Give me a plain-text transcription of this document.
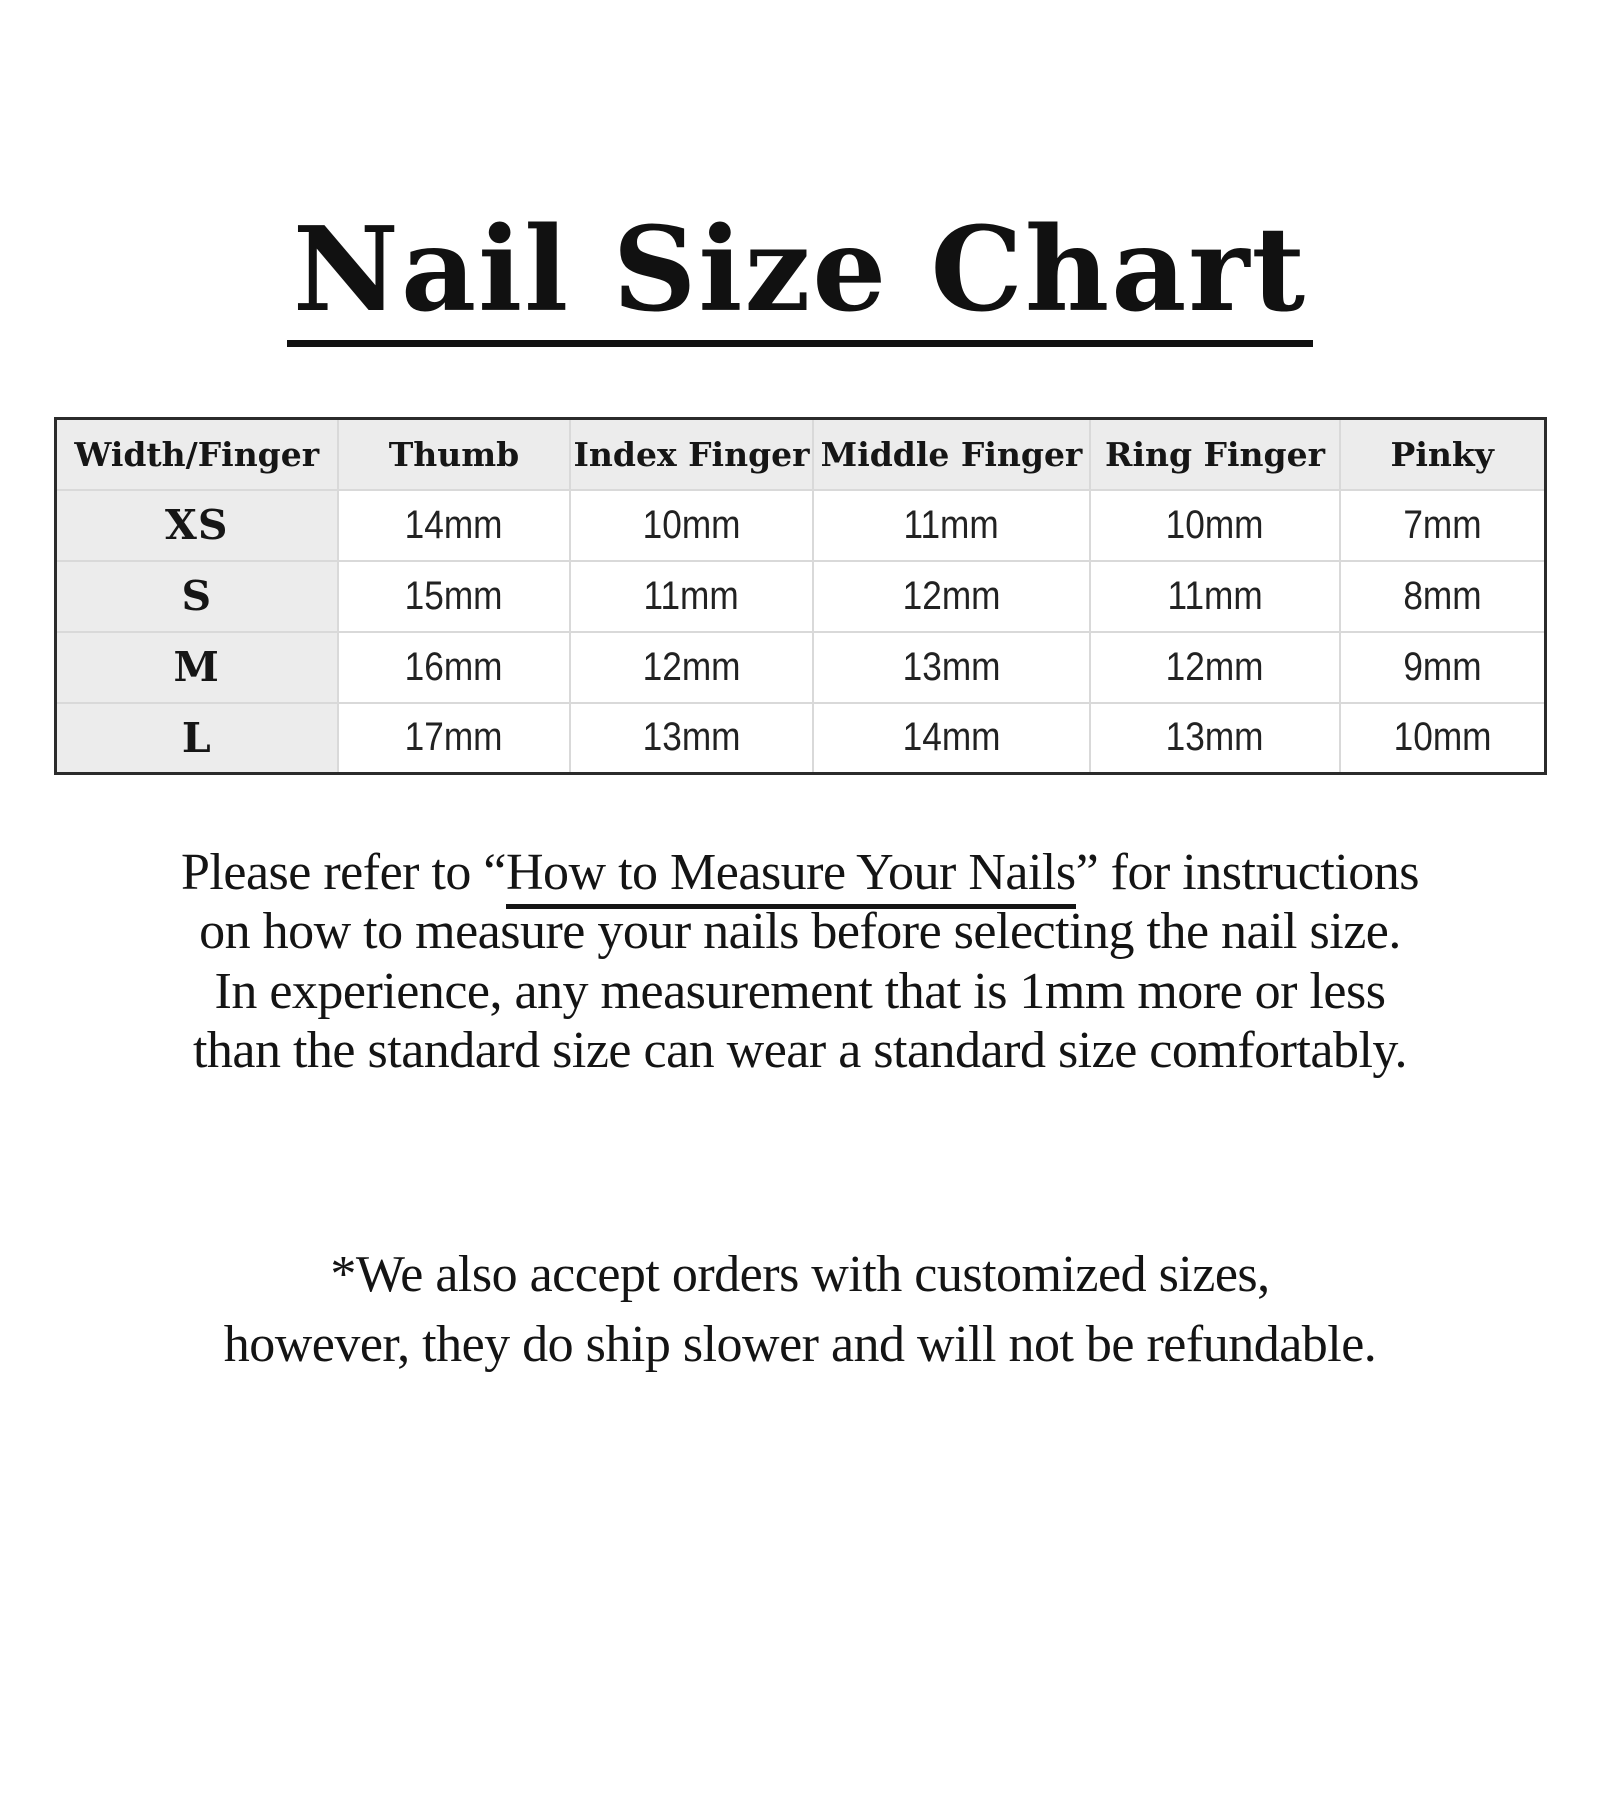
Nail Size Chart
Width/Finger	Thumb	Index Finger	Middle Finger	Ring Finger	Pinky
XS	14mm	10mm	11mm	10mm	7mm
S	15mm	11mm	12mm	11mm	8mm
M	16mm	12mm	13mm	12mm	9mm
L	17mm	13mm	14mm	13mm	10mm

Please refer to “How to Measure Your Nails” for instructions
on how to measure your nails before selecting the nail size.
In experience, any measurement that is 1mm more or less
than the standard size can wear a standard size comfortably.

*We also accept orders with customized sizes,
however, they do ship slower and will not be refundable.
